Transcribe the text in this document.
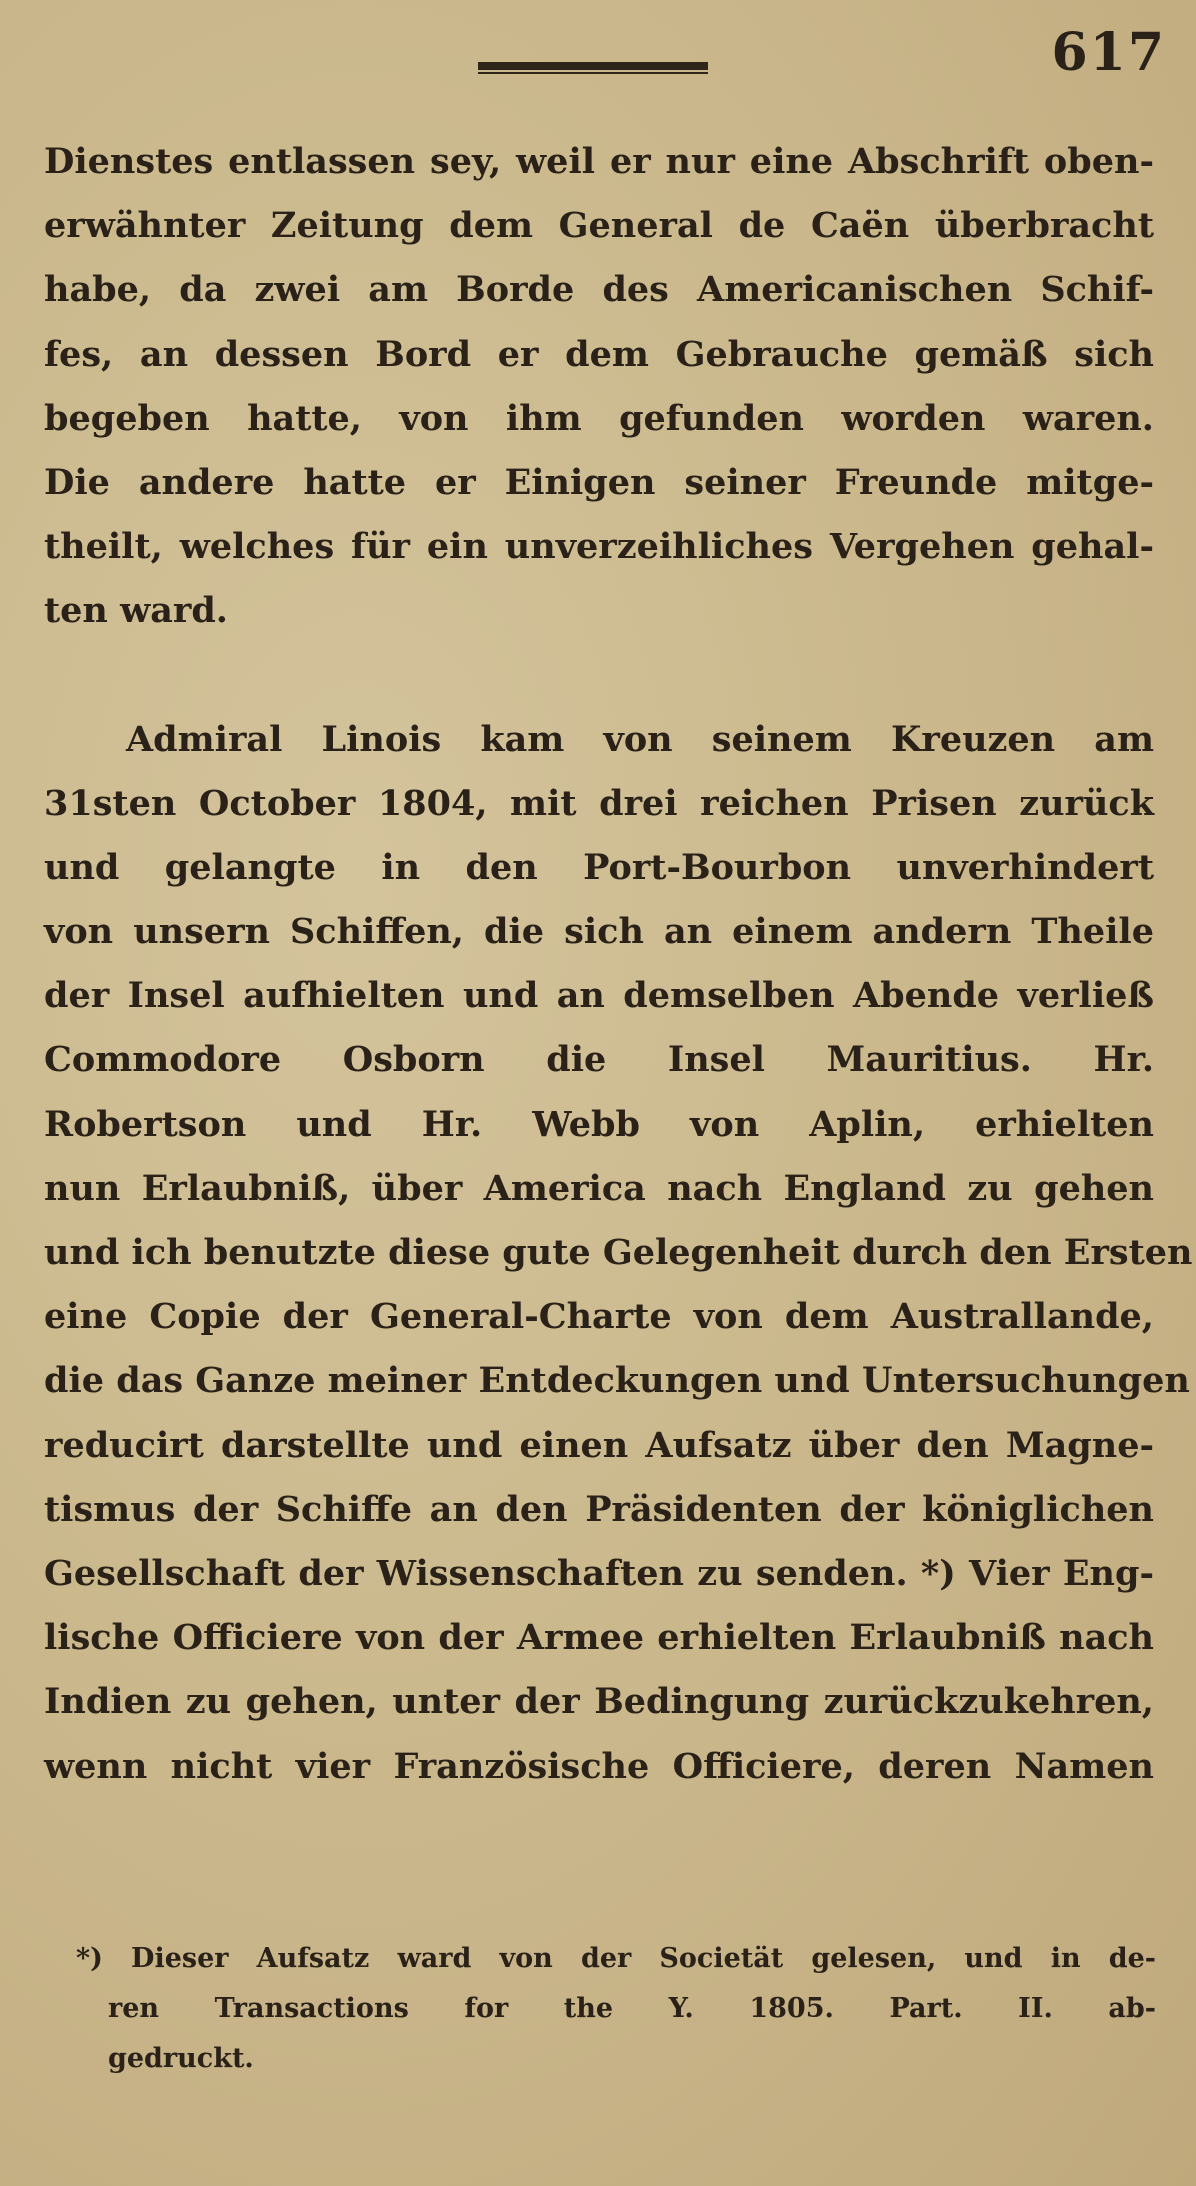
617
Dienstes entlassen sey, weil er nur eine Abschrift oben-
erwähnter Zeitung dem General de Caën überbracht
habe, da zwei am Borde des Americanischen Schif-
fes, an dessen Bord er dem Gebrauche gemäß sich
begeben hatte, von ihm gefunden worden waren.
Die andere hatte er Einigen seiner Freunde mitge-
theilt, welches für ein unverzeihliches Vergehen gehal-
ten ward.
Admiral Linois kam von seinem Kreuzen am
31sten October 1804, mit drei reichen Prisen zurück
und gelangte in den Port-Bourbon unverhindert
von unsern Schiffen, die sich an einem andern Theile
der Insel aufhielten und an demselben Abende verließ
Commodore Osborn die Insel Mauritius. Hr.
Robertson und Hr. Webb von Aplin, erhielten
nun Erlaubniß, über America nach England zu gehen
und ich benutzte diese gute Gelegenheit durch den Ersten
eine Copie der General-Charte von dem Australlande,
die das Ganze meiner Entdeckungen und Untersuchungen
reducirt darstellte und einen Aufsatz über den Magne-
tismus der Schiffe an den Präsidenten der königlichen
Gesellschaft der Wissenschaften zu senden. *) Vier Eng-
lische Officiere von der Armee erhielten Erlaubniß nach
Indien zu gehen, unter der Bedingung zurückzukehren,
wenn nicht vier Französische Officiere, deren Namen
*) Dieser Aufsatz ward von der Societät gelesen, und in de-
ren Transactions for the Y. 1805. Part. II. ab-
gedruckt.
